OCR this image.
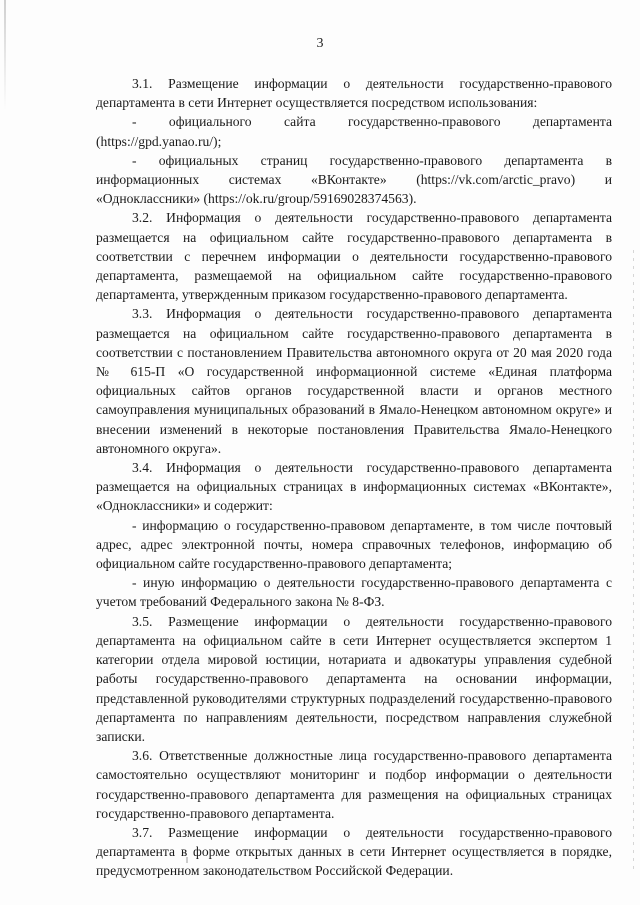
3

3.1. Размещение информации о деятельности государственно-правового департамента в сети Интернет осуществляется посредством использования:

- официального сайта государственно-правового департамента (https://gpd.yanao.ru/);

- официальных страниц государственно-правового департамента в информационных системах «ВКонтакте» (https://vk.com/arctic_pravo) и «Одноклассники» (https://ok.ru/group/59169028374563).

3.2. Информация о деятельности государственно-правового департамента размещается на официальном сайте государственно-правового департамента в соответствии с перечнем информации о деятельности государственно-правового департамента, размещаемой на официальном сайте государственно-правового департамента, утвержденным приказом государственно-правового департамента.

3.3. Информация о деятельности государственно-правового департамента размещается на официальном сайте государственно-правового департамента в соответствии с постановлением Правительства автономного округа от 20 мая 2020 года № 615-П «О государственной информационной системе «Единая платформа официальных сайтов органов государственной власти и органов местного самоуправления муниципальных образований в Ямало-Ненецком автономном округе» и внесении изменений в некоторые постановления Правительства Ямало-Ненецкого автономного округа».

3.4. Информация о деятельности государственно-правового департамента размещается на официальных страницах в информационных системах «ВКонтакте», «Одноклассники» и содержит:

- информацию о государственно-правовом департаменте, в том числе почтовый адрес, адрес электронной почты, номера справочных телефонов, информацию об официальном сайте государственно-правового департамента;

- иную информацию о деятельности государственно-правового департамента с учетом требований Федерального закона № 8-ФЗ.

3.5. Размещение информации о деятельности государственно-правового департамента на официальном сайте в сети Интернет осуществляется экспертом 1 категории отдела мировой юстиции, нотариата и адвокатуры управления судебной работы государственно-правового департамента на основании информации, представленной руководителями структурных подразделений государственно-правового департамента по направлениям деятельности, посредством направления служебной записки.

3.6. Ответственные должностные лица государственно-правового департамента самостоятельно осуществляют мониторинг и подбор информации о деятельности государственно-правового департамента для размещения на официальных страницах государственно-правового департамента.

3.7. Размещение информации о деятельности государственно-правового департамента в форме открытых данных в сети Интернет осуществляется в порядке, предусмотренном законодательством Российской Федерации.
